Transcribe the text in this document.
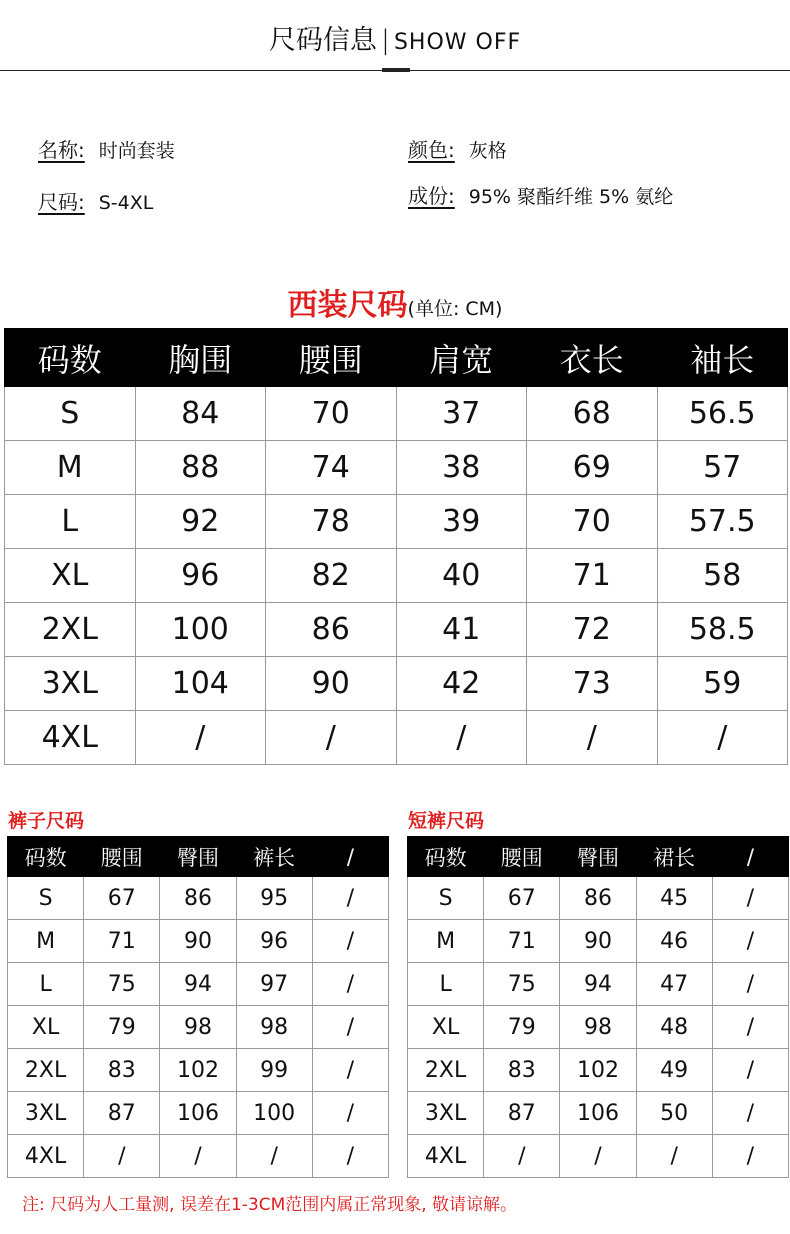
尺码信息 | SHOW OFF
名称: 时尚套装
尺码: S-4XL
颜色: 灰格
成份: 95% 聚酯纤维 5% 氨纶
西装尺码(单位: CM)
码数	胸围	腰围	肩宽	衣长	袖长
S	84	70	37	68	56.5
M	88	74	38	69	57
L	92	78	39	70	57.5
XL	96	82	40	71	58
2XL	100	86	41	72	58.5
3XL	104	90	42	73	59
4XL	/	/	/	/	/
裤子尺码
码数	腰围	臀围	裤长	/
S	67	86	95	/
M	71	90	96	/
L	75	94	97	/
XL	79	98	98	/
2XL	83	102	99	/
3XL	87	106	100	/
4XL	/	/	/	/
短裤尺码
码数	腰围	臀围	裙长	/
S	67	86	45	/
M	71	90	46	/
L	75	94	47	/
XL	79	98	48	/
2XL	83	102	49	/
3XL	87	106	50	/
4XL	/	/	/	/
注: 尺码为人工量测, 误差在1-3CM范围内属正常现象, 敬请谅解。
